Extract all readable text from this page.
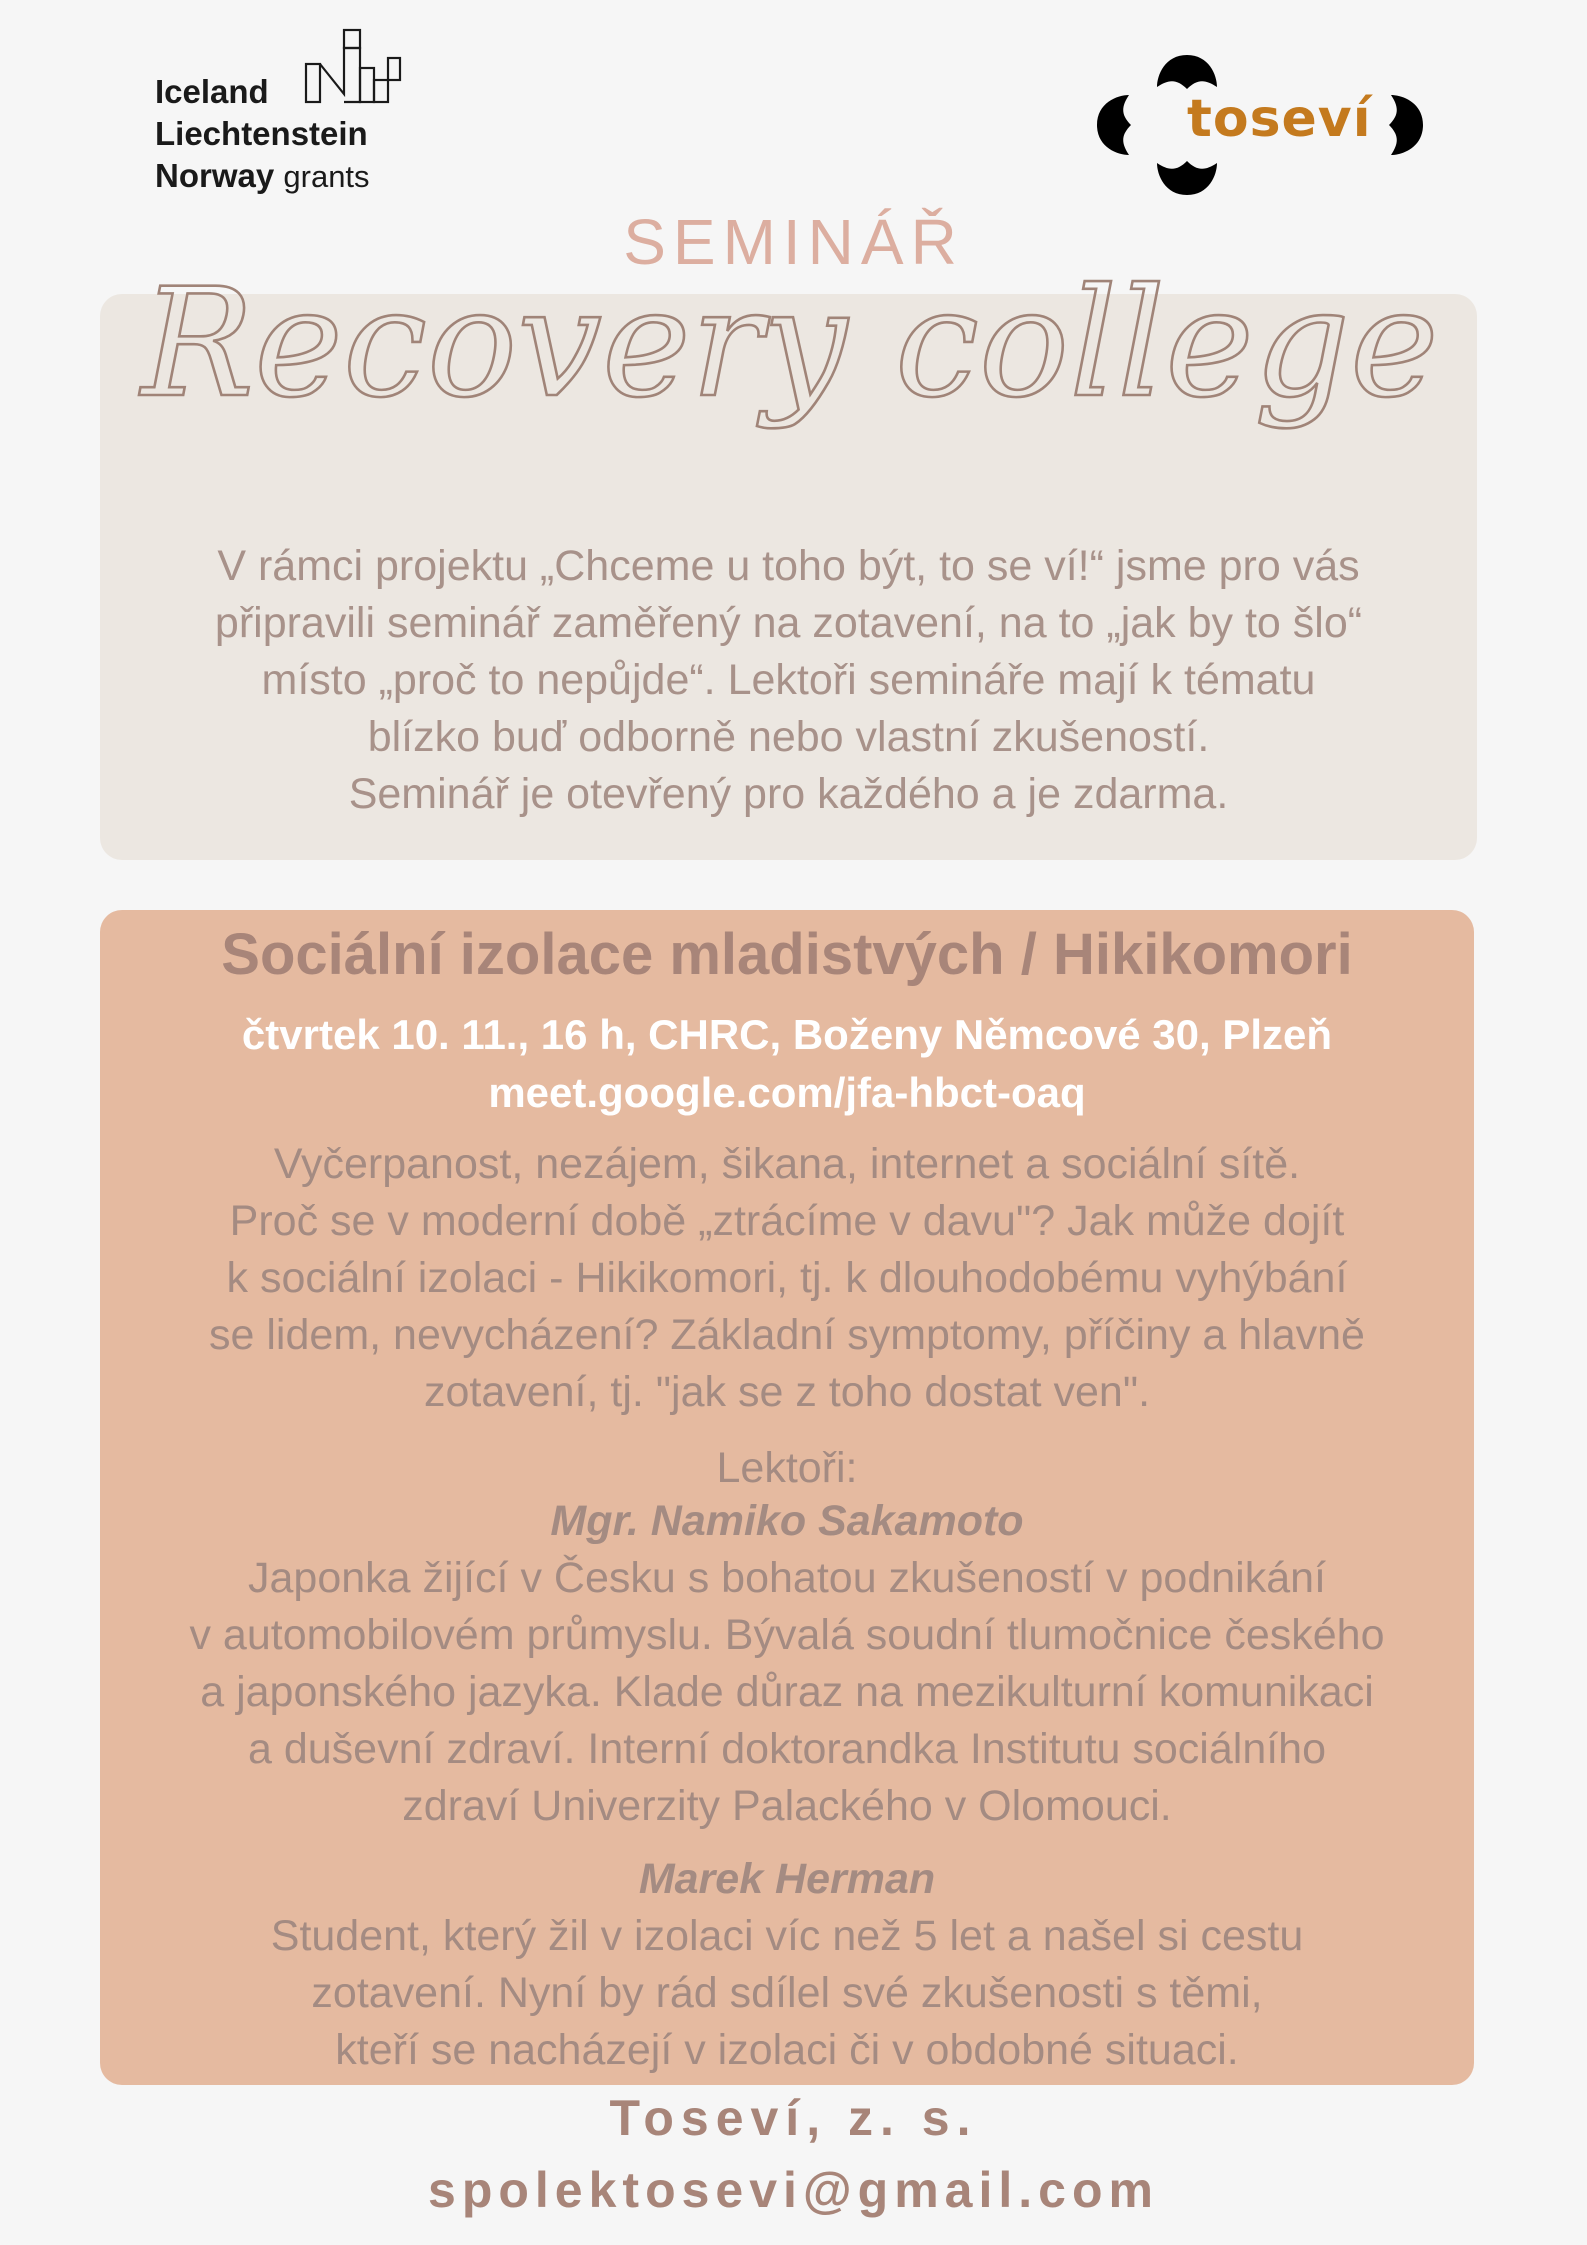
Iceland
Liechtenstein
Norway grants
toseví
SEMINÁŘ
Recovery college
V rámci projektu „Chceme u toho být, to se ví!“ jsme pro vás
připravili seminář zaměřený na zotavení, na to „jak by to šlo“
místo „proč to nepůjde“. Lektoři semináře mají k tématu
blízko buď odborně nebo vlastní zkušeností.
Seminář je otevřený pro každého a je zdarma.
Sociální izolace mladistvých / Hikikomori
čtvrtek 10. 11., 16 h, CHRC, Boženy Němcové 30, Plzeň
meet.google.com/jfa-hbct-oaq
Vyčerpanost, nezájem, šikana, internet a sociální sítě.
Proč se v moderní době „ztrácíme v davu"? Jak může dojít
k sociální izolaci - Hikikomori, tj. k dlouhodobému vyhýbání
se lidem, nevycházení? Základní symptomy, příčiny a hlavně
zotavení, tj. "jak se z toho dostat ven".
Lektoři:
Mgr. Namiko Sakamoto
Japonka žijící v Česku s bohatou zkušeností v podnikání
v automobilovém průmyslu. Bývalá soudní tlumočnice českého
a japonského jazyka. Klade důraz na mezikulturní komunikaci
a duševní zdraví. Interní doktorandka Institutu sociálního
zdraví Univerzity Palackého v Olomouci.
Marek Herman
Student, který žil v izolaci víc než 5 let a našel si cestu
zotavení. Nyní by rád sdílel své zkušenosti s těmi,
kteří se nacházejí v izolaci či v obdobné situaci.
Toseví, z. s.
spolektosevi@gmail.com
